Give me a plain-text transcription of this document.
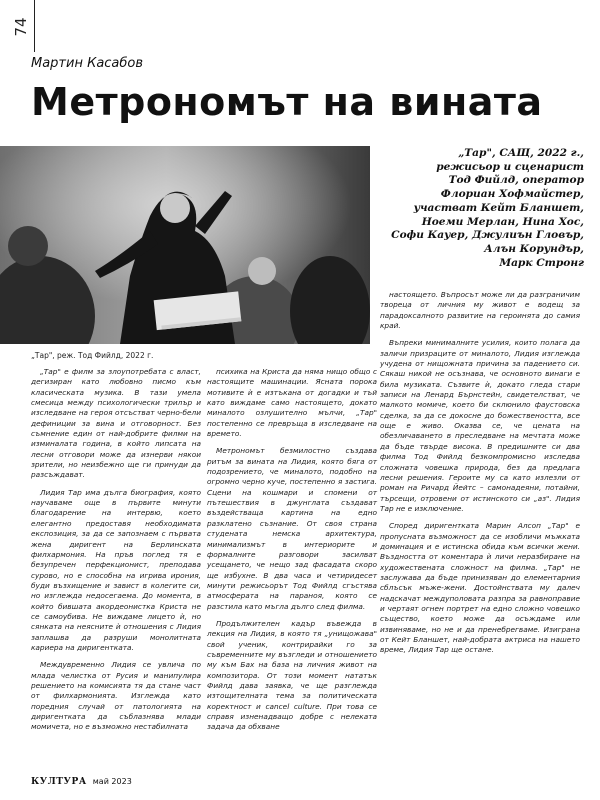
74
Мартин Касабов
Метрономът на вината
„Тар", реж. Тод Фийлд, 2022 г.
„Тар", САЩ, 2022 г.,
режисьор и сценарист
Тод Фийлд, оператор
Флориан Хофмайстер,
участват Кейт Бланшет,
Ноеми Мерлан, Нина Хос,
Софи Кауер, Джулиън Гловър,
Алън Корундър,
Марк Стронг

„Тар" е филм за злоупотребата с власт, дегизиран като любовно писмо към класическата музика. В тази умела смесица между психологически трилър и изследване на героя отсъстват черно-бели дефиниции за вина и отговорност. Без съмнение един от най-добрите филми на изминалата година, в който липсата на лесни отговори може да изнерви някои зрители, но неизбежно ще ги принуди да разсъждават.

Лидия Тар има дълга биография, която научаваме още в първите минути благодарение на интервю, което елегантно предоставя необходимата експозиция, за да се запознаем с първата жена диригент на Берлинската филхармония. На пръв поглед тя е безупречен перфекционист, преподава сурово, но е способна на игрива ирония, буди възхищение и завист в колегите си, но изглежда недосегаема. До момента, в който бившата акордеонистка Криста не се самоубива. Не виждаме лицето ѝ, но сянката на неясните ѝ отношения с Лидия заплашва да разруши монолитната кариера на диригентката.

Междувременно Лидия се увлича по млада челистка от Русия и манипулира решението на комисията тя да стане част от филхармонията. Изглежда като поредния случай от патологията на диригентката да съблазнява млади момичета, но е възможно нестабилната

психика на Криста да няма нищо общо с настоящите машинации. Ясната порока мотивите ѝ е изтъкана от догадки и тъй като виждаме само настоящето, докато миналото озлушително мълчи, „Тар" постепенно се превръща в изследване на времето.

Метрономът безмилостно създава ритъм за вината на Лидия, която бяга от подозрението, че миналото, подобно на огромно черно куче, постепенно я застига. Сцени на кошмари и спомени от пътешествия в джунглата създават въздействаща картина на едно разклатено съзнание. От своя страна студената немска архитектура, минимализмът в интериорите и формалните разговори засилват усещането, че нещо зад фасадата скоро ще избухне. В два часа и четиридесет минути режисьорът Тод Фийлд сгъстява атмосферата на параноя, която се разстила като мъгла дълго след филма.

Продължителен кадър въвежда в лекция на Лидия, в която тя „унищожава" свой ученик, контрирайки го за съвременните му възгледи и отношението му към Бах на база на личния живот на композитора. От този момент нататък Фийлд дава заявка, че ще разглежда изтощителната тема за политическата коректност и cancel culture. При това се справя изненадващо добре с нелеката задача да обхване

настоящето. Въпросът може ли да разграничим твореца от личния му живот е водещ за парадоксалното развитие на героинята до самия край.

Въпреки минималните усилия, които полага да заличи призраците от миналото, Лидия изглежда учудена от нищожната причина за падението си. Сякаш никой не осъзнава, че основното винаги е била музиката. Съзвите ѝ, докато гледа стари записи на Ленард Бърнстейн, свидетелстват, че малкото момиче, което би склюнило фаустовска сделка, за да се докосне до божествеността, все още е живо. Оказва се, че цената на обезличаването в преследване на мечтата може да бъде твърде висока. В предишните си два филма Тод Фийлд безкомпромисно изследва сложната човешка природа, без да предлага лесни решения. Героите му са като излезли от роман на Ричард Йейтс – самонадеяни, потайни, търсещи, отровени от истинското си „аз". Лидия Тар не е изключение.

Според диригентката Марин Алсоп „Тар" е пропуснатa възможност да се изобличи мъжката доминация и е истинска обида към всички жени. Въздността от коментара ѝ личи неразбиране на художествената сложност на филма. „Тар" не заслужава да бъде принизяван до елементарния сблъсък мъже-жени. Достойнствата му далеч надскачат междуполовата разпра за равноправие и чертаят огнен портрет на едно сложно човешко същество, което може да осъждаме или извиняваме, но не и да пренебрегваме. Изиграна от Кейт Бланшет, най-добрата актриса на нашето време, Лидия Тар ще остане.

КУЛТУРА май 2023
